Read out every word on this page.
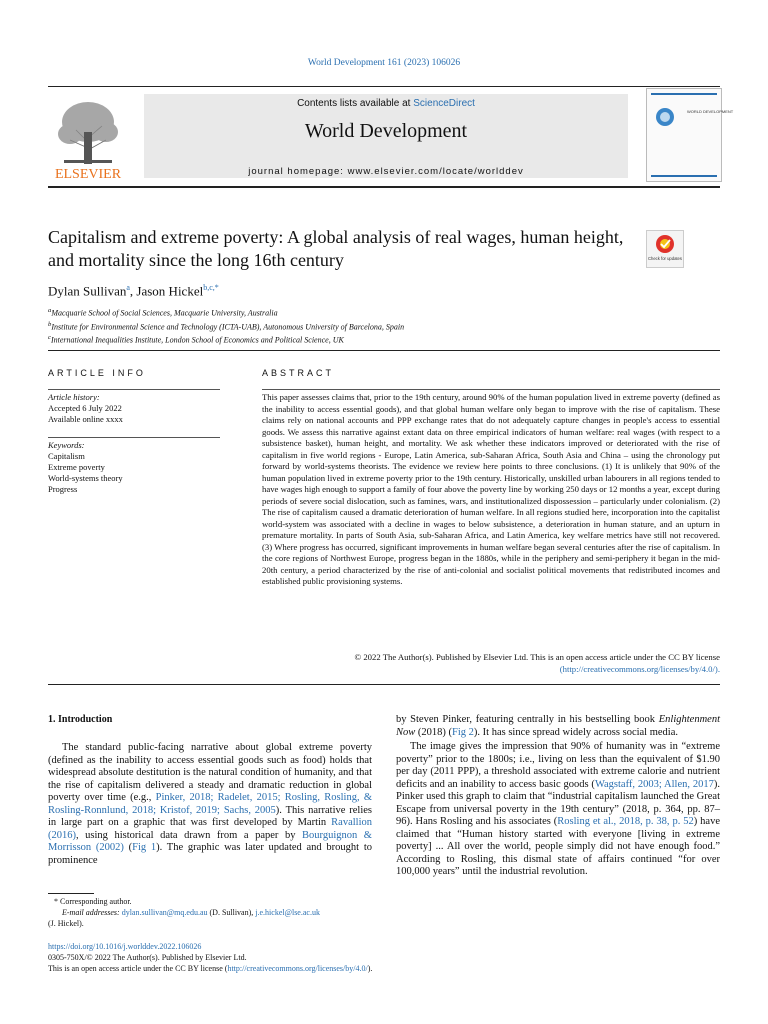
World Development 161 (2023) 106026
ELSEVIER
Contents lists available at ScienceDirect
World Development
journal homepage: www.elsevier.com/locate/worlddev
WORLD DEVELOPMENT
Capitalism and extreme poverty: A global analysis of real wages, human height, and mortality since the long 16th century	Check for updates
Dylan Sullivan$^a$, Jason Hickel$^{b,c,*}$
$^a$Macquarie School of Social Sciences, Macquarie University, Australia
$^b$Institute for Environmental Science and Technology (ICTA-UAB), Autonomous University of Barcelona, Spain
$^c$International Inequalities Institute, London School of Economics and Political Science, UK
ARTICLE INFO	ABSTRACT
Article history:
Accepted 6 July 2022
Available online xxxx
Keywords:
Capitalism
Extreme poverty
World-systems theory
Progress
This paper assesses claims that, prior to the 19th century, around 90% of the human population lived in extreme poverty (defined as the inability to access essential goods), and that global human welfare only began to improve with the rise of capitalism. These claims rely on national accounts and PPP exchange rates that do not adequately capture changes in people's access to essential goods. We assess this narrative against extant data on three empirical indicators of human welfare: real wages (with respect to a subsistence basket), human height, and mortality. We ask whether these indicators improved or deteriorated with the rise of capitalism in five world regions - Europe, Latin America, sub-Saharan Africa, South Asia and China – using the chronology put forward by world-systems theorists. The evidence we review here points to three conclusions. (1) It is unlikely that 90% of the human population lived in extreme poverty prior to the 19th century. Historically, unskilled urban labourers in all regions tended to have wages high enough to support a family of four above the poverty line by working 250 days or 12 months a year, except during periods of severe social dislocation, such as famines, wars, and institutionalized dispossession – particularly under colonialism. (2) The rise of capitalism caused a dramatic deterioration of human welfare. In all regions studied here, incorporation into the capitalist world-system was associated with a decline in wages to below subsistence, a deterioration in human stature, and an upturn in premature mortality. In parts of South Asia, sub-Saharan Africa, and Latin America, key welfare metrics have still not recovered. (3) Where progress has occurred, significant improvements in human welfare began several centuries after the rise of capitalism. In the core regions of Northwest Europe, progress began in the 1880s, while in the periphery and semi-periphery it began in the mid-20th century, a period characterized by the rise of anti-colonial and socialist political movements that redistributed incomes and established public provisioning systems.
© 2022 The Author(s). Published by Elsevier Ltd. This is an open access article under the CC BY license
(http://creativecommons.org/licenses/by/4.0/).
1. Introduction
The standard public-facing narrative about global extreme poverty (defined as the inability to access essential goods such as food) holds that widespread absolute destitution is the natural condition of humanity, and that the rise of capitalism delivered a steady and dramatic reduction in global poverty over time (e.g., Pinker, 2018; Radelet, 2015; Rosling, Rosling, & Rosling-Ronnlund, 2018; Kristof, 2019; Sachs, 2005). This narrative relies in large part on a graphic that was first developed by Martin Ravallion (2016), using historical data drawn from a paper by Bourguignon & Morrisson (2002) (Fig 1). The graphic was later updated and brought to prominence

by Steven Pinker, featuring centrally in his bestselling book Enlightenment Now (2018) (Fig 2). It has since spread widely across social media.

The image gives the impression that 90% of humanity was in “extreme poverty” prior to the 1800s; i.e., living on less than the equivalent of $1.90 per day (2011 PPP), a threshold associated with extreme calorie and nutrient deficits and an inability to access basic goods (Wagstaff, 2003; Allen, 2017). Pinker used this graph to claim that “industrial capitalism launched the Great Escape from universal poverty in the 19th century” (2018, p. 364, pp. 87–96). Hans Rosling and his associates (Rosling et al., 2018, p. 38, p. 52) have claimed that “Human history started with everyone [living in extreme poverty] ... All over the world, people simply did not have enough food.” According to Rosling, this dismal state of affairs continued “for over 100,000 years” until the industrial revolution.

* Corresponding author.
E-mail addresses: dylan.sullivan@mq.edu.au (D. Sullivan), j.e.hickel@lse.ac.uk
(J. Hickel).
https://doi.org/10.1016/j.worlddev.2022.106026
0305-750X/© 2022 The Author(s). Published by Elsevier Ltd.
This is an open access article under the CC BY license (http://creativecommons.org/licenses/by/4.0/).
